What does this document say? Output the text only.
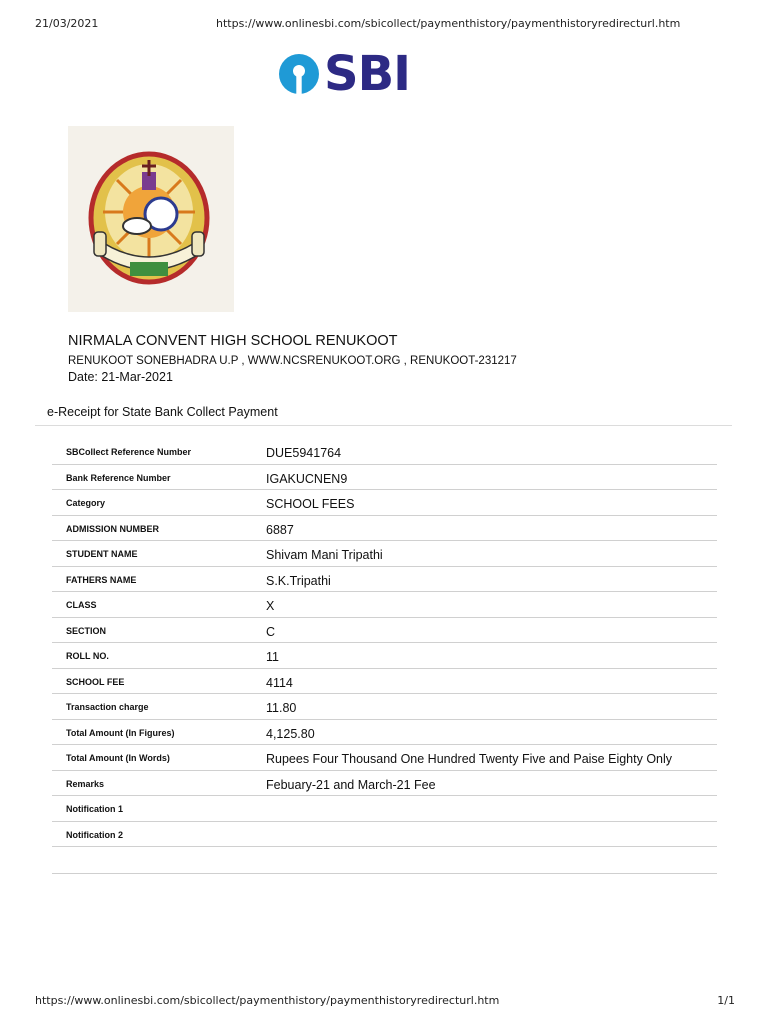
21/03/2021	https://www.onlinesbi.com/sbicollect/paymenthistory/paymenthistoryredirecturl.htm
SBI
NIRMALA CONVENT HIGH SCHOOL RENUKOOT
RENUKOOT SONEBHADRA U.P , WWW.NCSRENUKOOT.ORG , RENUKOOT-231217
Date: 21-Mar-2021
e-Receipt for State Bank Collect Payment
SBCollect Reference Number	DUE5941764
Bank Reference Number	IGAKUCNEN9
Category	SCHOOL FEES
ADMISSION NUMBER	6887
STUDENT NAME	Shivam Mani Tripathi
FATHERS NAME	S.K.Tripathi
CLASS	X
SECTION	C
ROLL NO.	11
SCHOOL FEE	4114
Transaction charge	11.80
Total Amount (In Figures)	4,125.80
Total Amount (In Words)	Rupees Four Thousand One Hundred Twenty Five and Paise Eighty Only
Remarks	Febuary-21 and March-21 Fee
Notification 1
Notification 2
https://www.onlinesbi.com/sbicollect/paymenthistory/paymenthistoryredirecturl.htm	1/1
